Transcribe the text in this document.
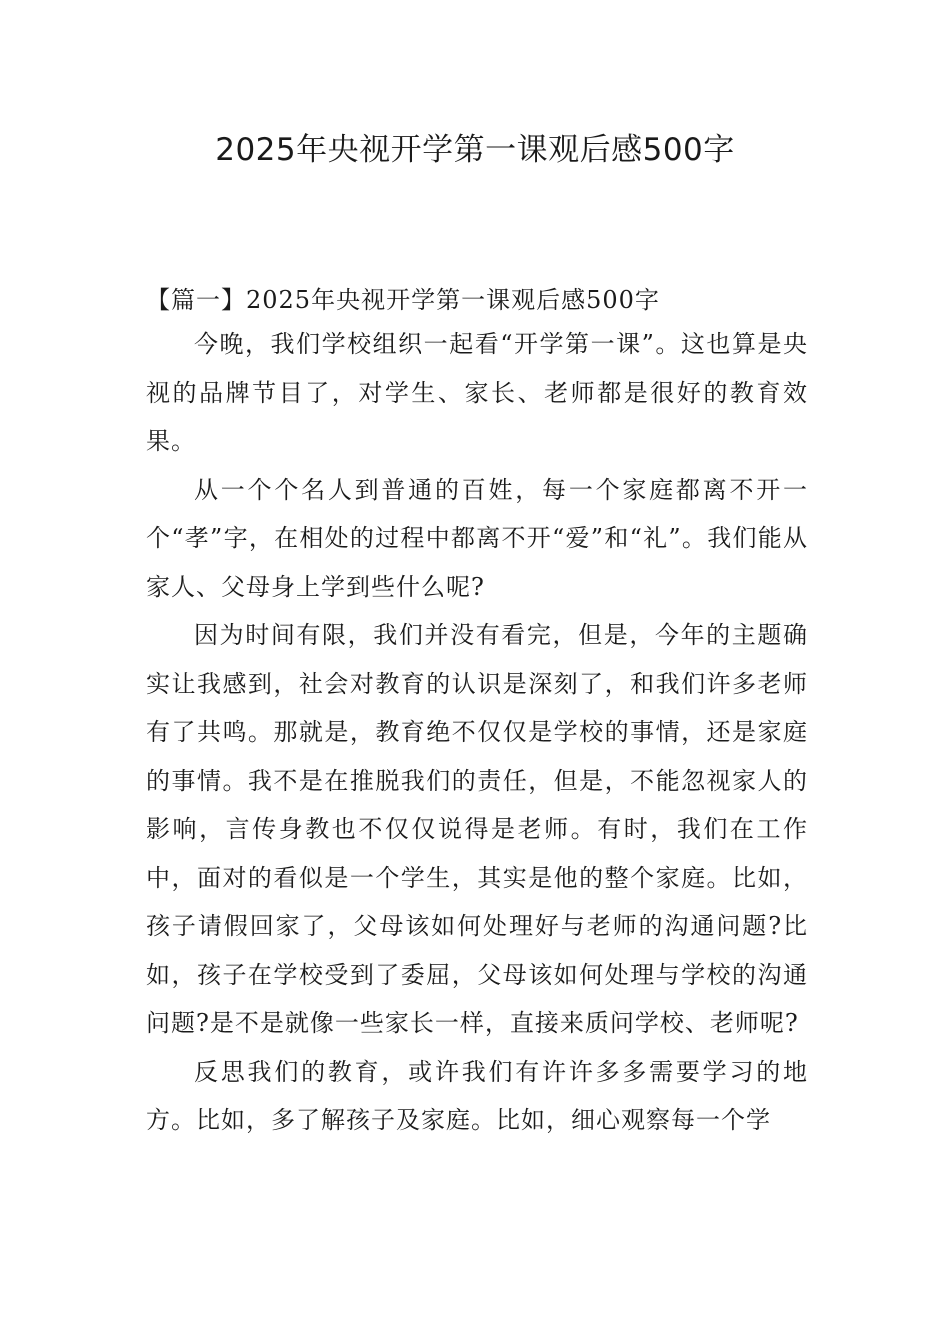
2025年央视开学第一课观后感500字
【篇一】2025年央视开学第一课观后感500字

今晚，我们学校组织一起看“开学第一课”。这也算是央视的品牌节目了，对学生、家长、老师都是很好的教育效果。

从一个个名人到普通的百姓，每一个家庭都离不开一个“孝”字，在相处的过程中都离不开“爱”和“礼”。我们能从家人、父母身上学到些什么呢?

因为时间有限，我们并没有看完，但是，今年的主题确实让我感到，社会对教育的认识是深刻了，和我们许多老师有了共鸣。那就是，教育绝不仅仅是学校的事情，还是家庭的事情。我不是在推脱我们的责任，但是，不能忽视家人的影响，言传身教也不仅仅说得是老师。有时，我们在工作中，面对的看似是一个学生，其实是他的整个家庭。比如，孩子请假回家了，父母该如何处理好与老师的沟通问题?比如，孩子在学校受到了委屈，父母该如何处理与学校的沟通问题?是不是就像一些家长一样，直接来质问学校、老师呢?

反思我们的教育，或许我们有许许多多需要学习的地方。比如，多了解孩子及家庭。比如，细心观察每一个学
